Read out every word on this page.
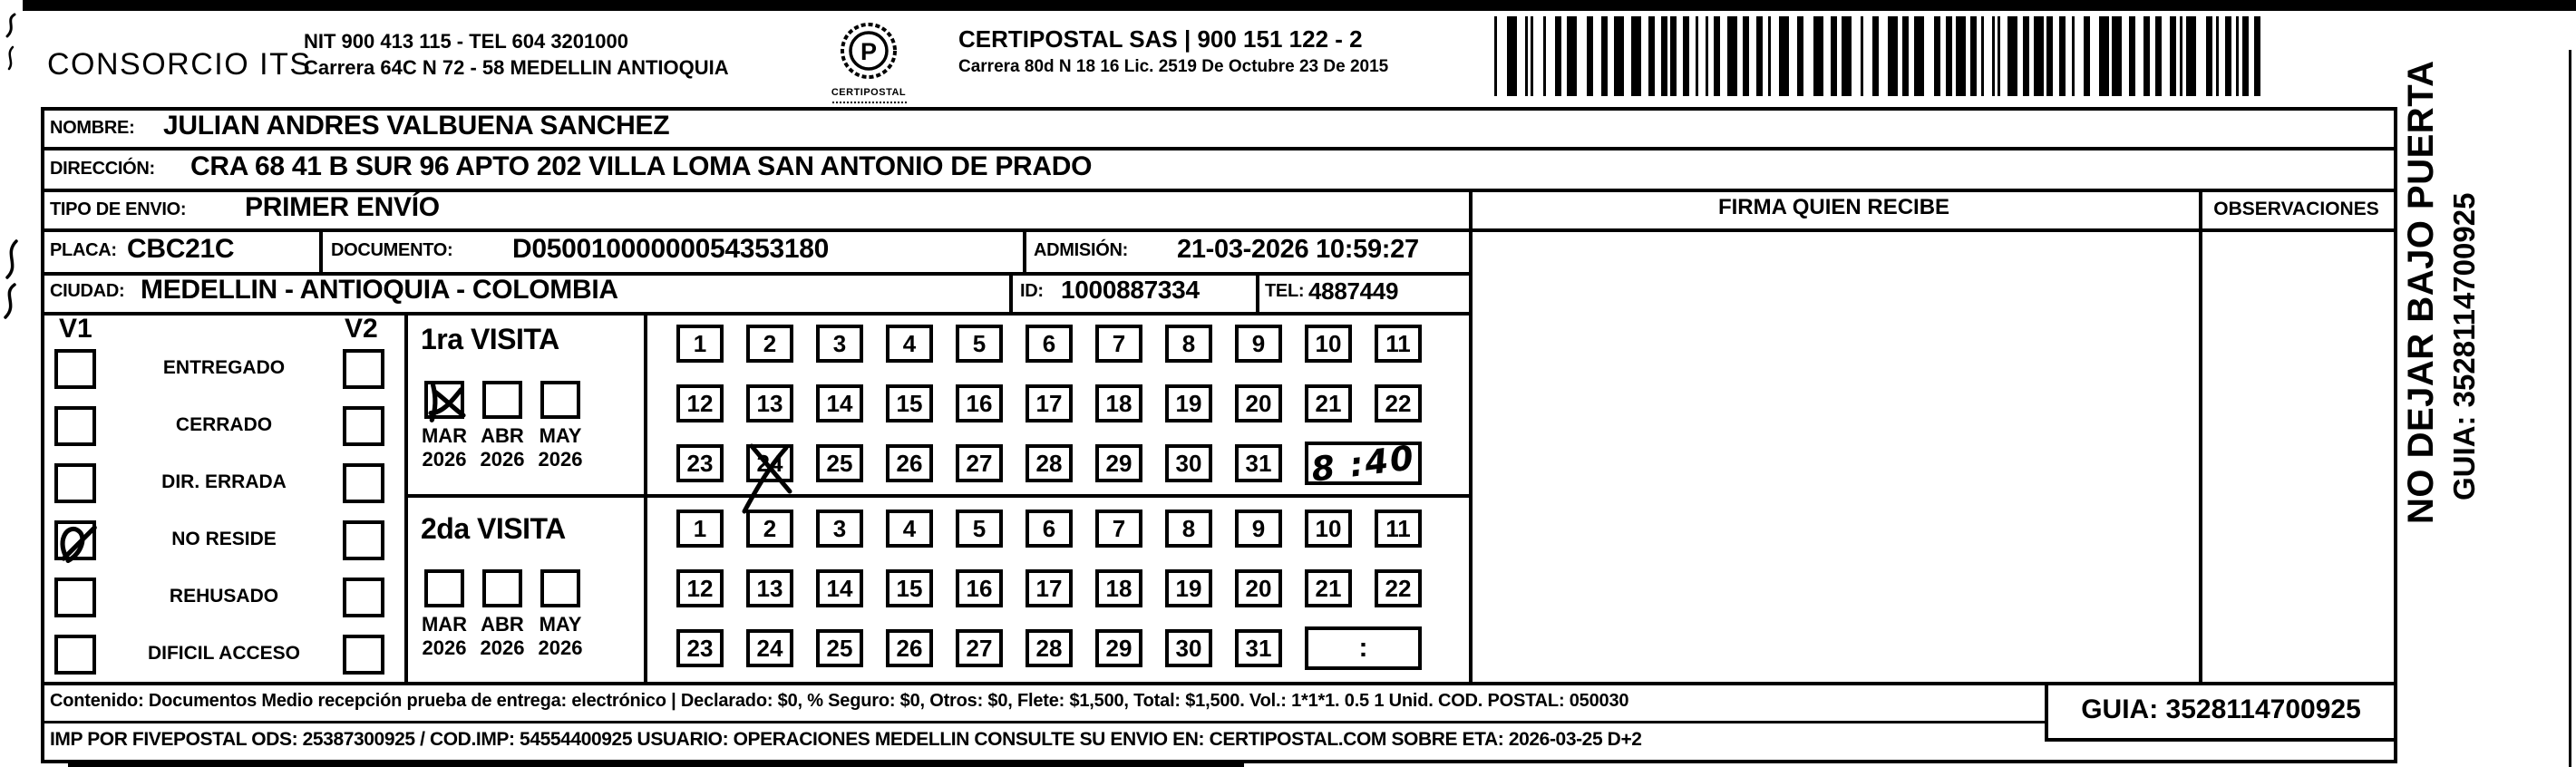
CONSORCIO ITS
NIT 900 413 115 - TEL 604 3201000
Carrera 64C N 72 - 58 MEDELLIN ANTIOQUIA
P
CERTIPOSTAL
CERTIPOSTAL SAS | 900 151 122 - 2
Carrera 80d N 18 16 Lic. 2519 De Octubre 23 De 2015
NOMBRE: JULIAN ANDRES VALBUENA SANCHEZ
DIRECCIÓN: CRA 68 41 B SUR 96 APTO 202 VILLA LOMA SAN ANTONIO DE PRADO
TIPO DE ENVIO: PRIMER ENVÍO	FIRMA QUIEN RECIBE	OBSERVACIONES
PLACA: CBC21C	DOCUMENTO: D05001000000054353180	ADMISIÓN: 21-03-2026 10:59:27
CIUDAD: MEDELLIN - ANTIOQUIA - COLOMBIA	ID: 1000887334	TEL: 4887449
V1	V2
ENTREGADO
CERRADO
DIR. ERRADA
NO RESIDE
REHUSADO
DIFICIL ACCESO
1ra VISITA
MAR
2026
ABR
2026
MAY
2026
1 2 3 4 5 6 7 8 9 10 11
12 13 14 15 16 17 18 19 20 21 22
23 24 25 26 27 28 29 30 31 8 :40
2da VISITA
MAR
2026
ABR
2026
MAY
2026
1 2 3 4 5 6 7 8 9 10 11
12 13 14 15 16 17 18 19 20 21 22
23 24 25 26 27 28 29 30 31	:
Contenido: Documentos Medio recepción prueba de entrega: electrónico | Declarado: $0, % Seguro: $0, Otros: $0, Flete: $1,500, Total: $1,500. Vol.: 1*1*1. 0.5 1 Unid. COD. POSTAL: 050030
IMP POR FIVEPOSTAL ODS: 25387300925 / COD.IMP: 54554400925 USUARIO: OPERACIONES MEDELLIN CONSULTE SU ENVIO EN: CERTIPOSTAL.COM SOBRE ETA: 2026-03-25 D+2
GUIA: 3528114700925
NO DEJAR BAJO PUERTA GUIA: 3528114700925
